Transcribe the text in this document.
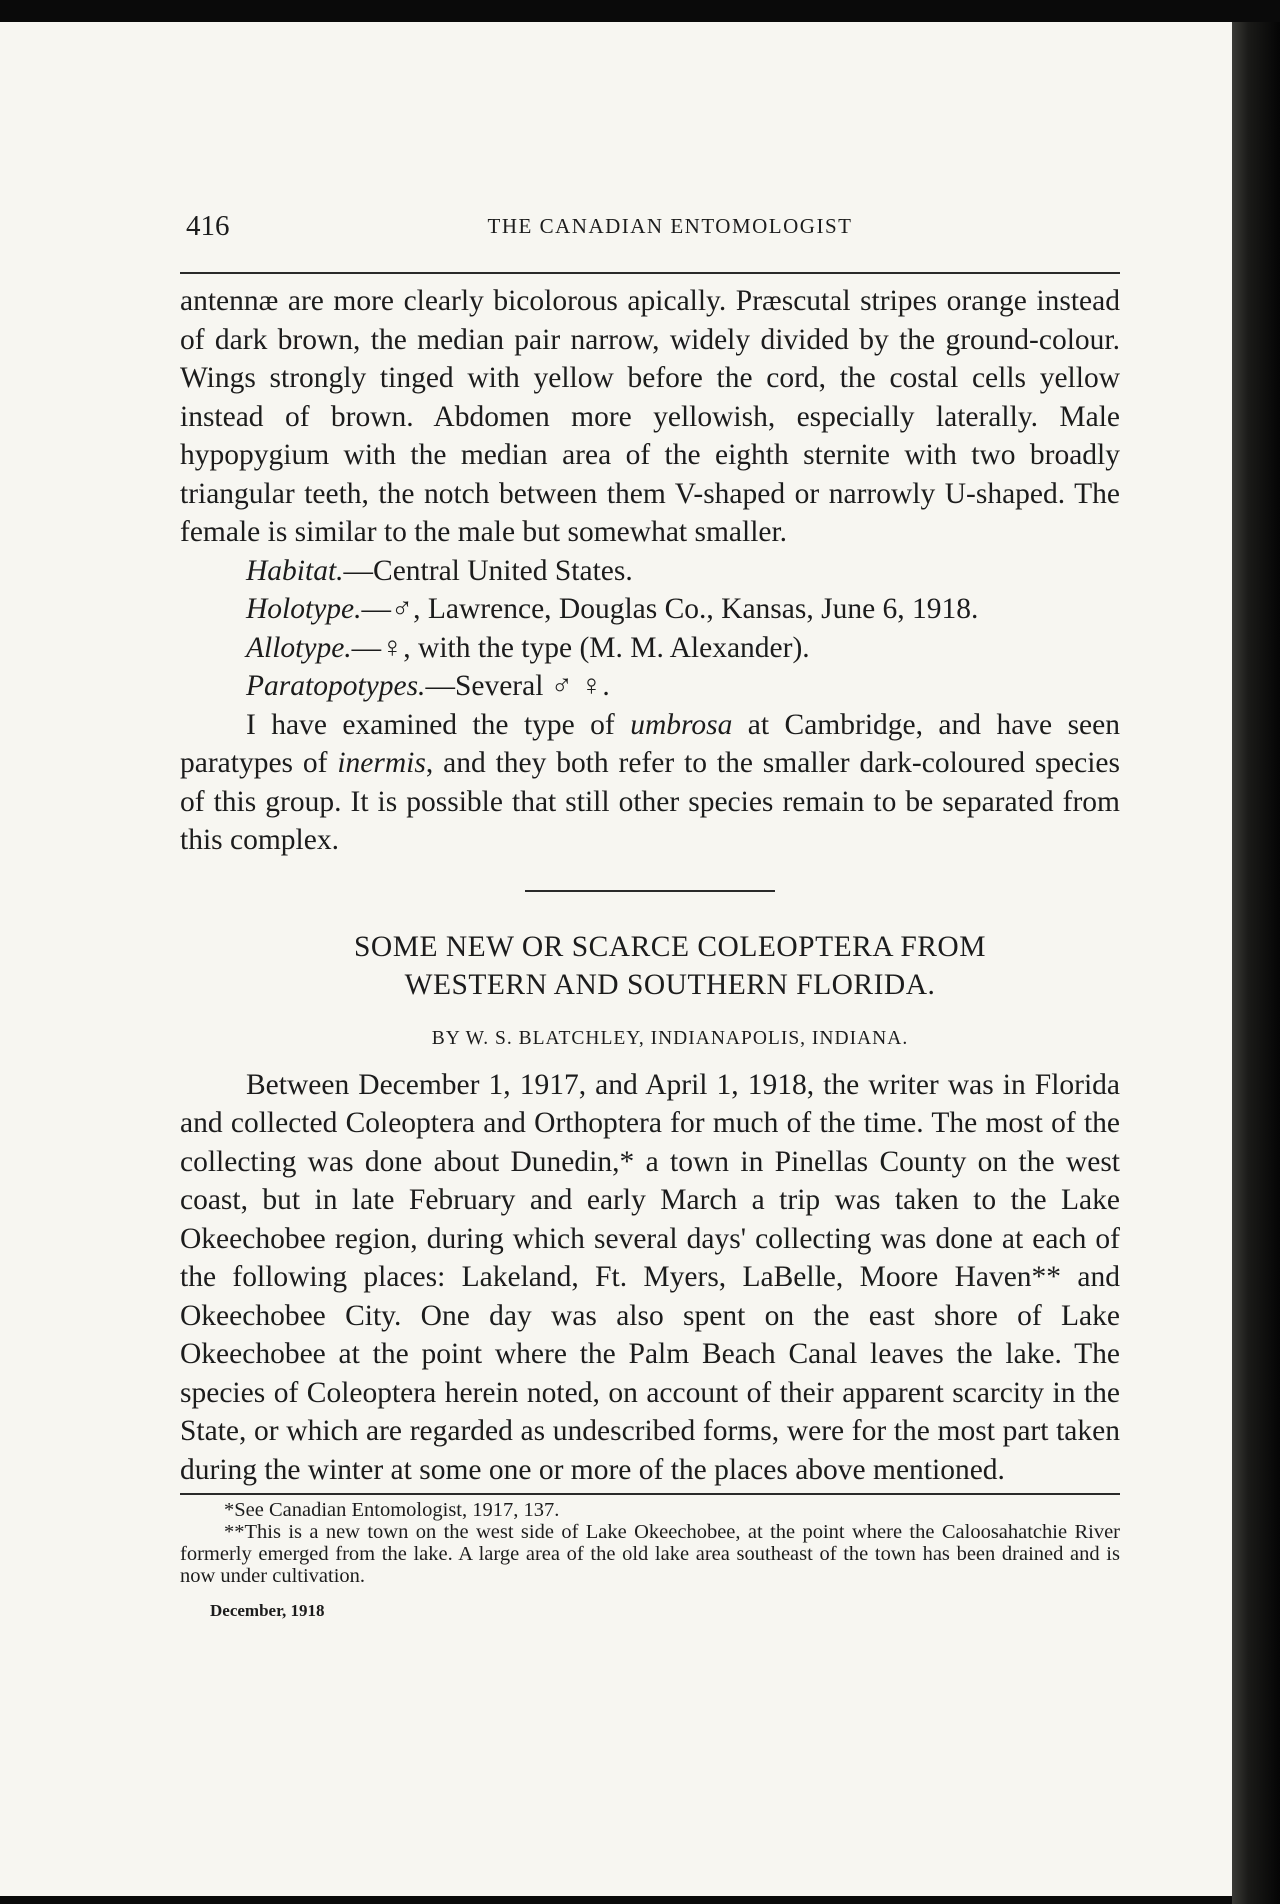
416	THE CANADIAN ENTOMOLOGIST

antennæ are more clearly bicolorous apically. Præscutal stripes orange instead of dark brown, the median pair narrow, widely divided by the ground-colour. Wings strongly tinged with yellow before the cord, the costal cells yellow instead of brown. Abdomen more yellowish, especially laterally. Male hypopygium with the median area of the eighth sternite with two broadly triangular teeth, the notch between them V-shaped or narrowly U-shaped. The female is similar to the male but somewhat smaller.

Habitat.—Central United States.
Holotype.—♂, Lawrence, Douglas Co., Kansas, June 6, 1918.
Allotype.—♀, with the type (M. M. Alexander).
Paratopotypes.—Several ♂ ♀.

I have examined the type of umbrosa at Cambridge, and have seen paratypes of inermis, and they both refer to the smaller dark-coloured species of this group. It is possible that still other species remain to be separated from this complex.

SOME NEW OR SCARCE COLEOPTERA FROM
WESTERN AND SOUTHERN FLORIDA.
BY W. S. BLATCHLEY, INDIANAPOLIS, INDIANA.

Between December 1, 1917, and April 1, 1918, the writer was in Florida and collected Coleoptera and Orthoptera for much of the time. The most of the collecting was done about Dunedin,* a town in Pinellas County on the west coast, but in late February and early March a trip was taken to the Lake Okeechobee region, during which several days' collecting was done at each of the following places: Lakeland, Ft. Myers, LaBelle, Moore Haven** and Okeechobee City. One day was also spent on the east shore of Lake Okeechobee at the point where the Palm Beach Canal leaves the lake. The species of Coleoptera herein noted, on account of their apparent scarcity in the State, or which are regarded as undescribed forms, were for the most part taken during the winter at some one or more of the places above mentioned.

*See Canadian Entomologist, 1917, 137.
**This is a new town on the west side of Lake Okeechobee, at the point where the Caloosahatchie River formerly emerged from the lake. A large area of the old lake area southeast of the town has been drained and is now under cultivation.
December, 1918
